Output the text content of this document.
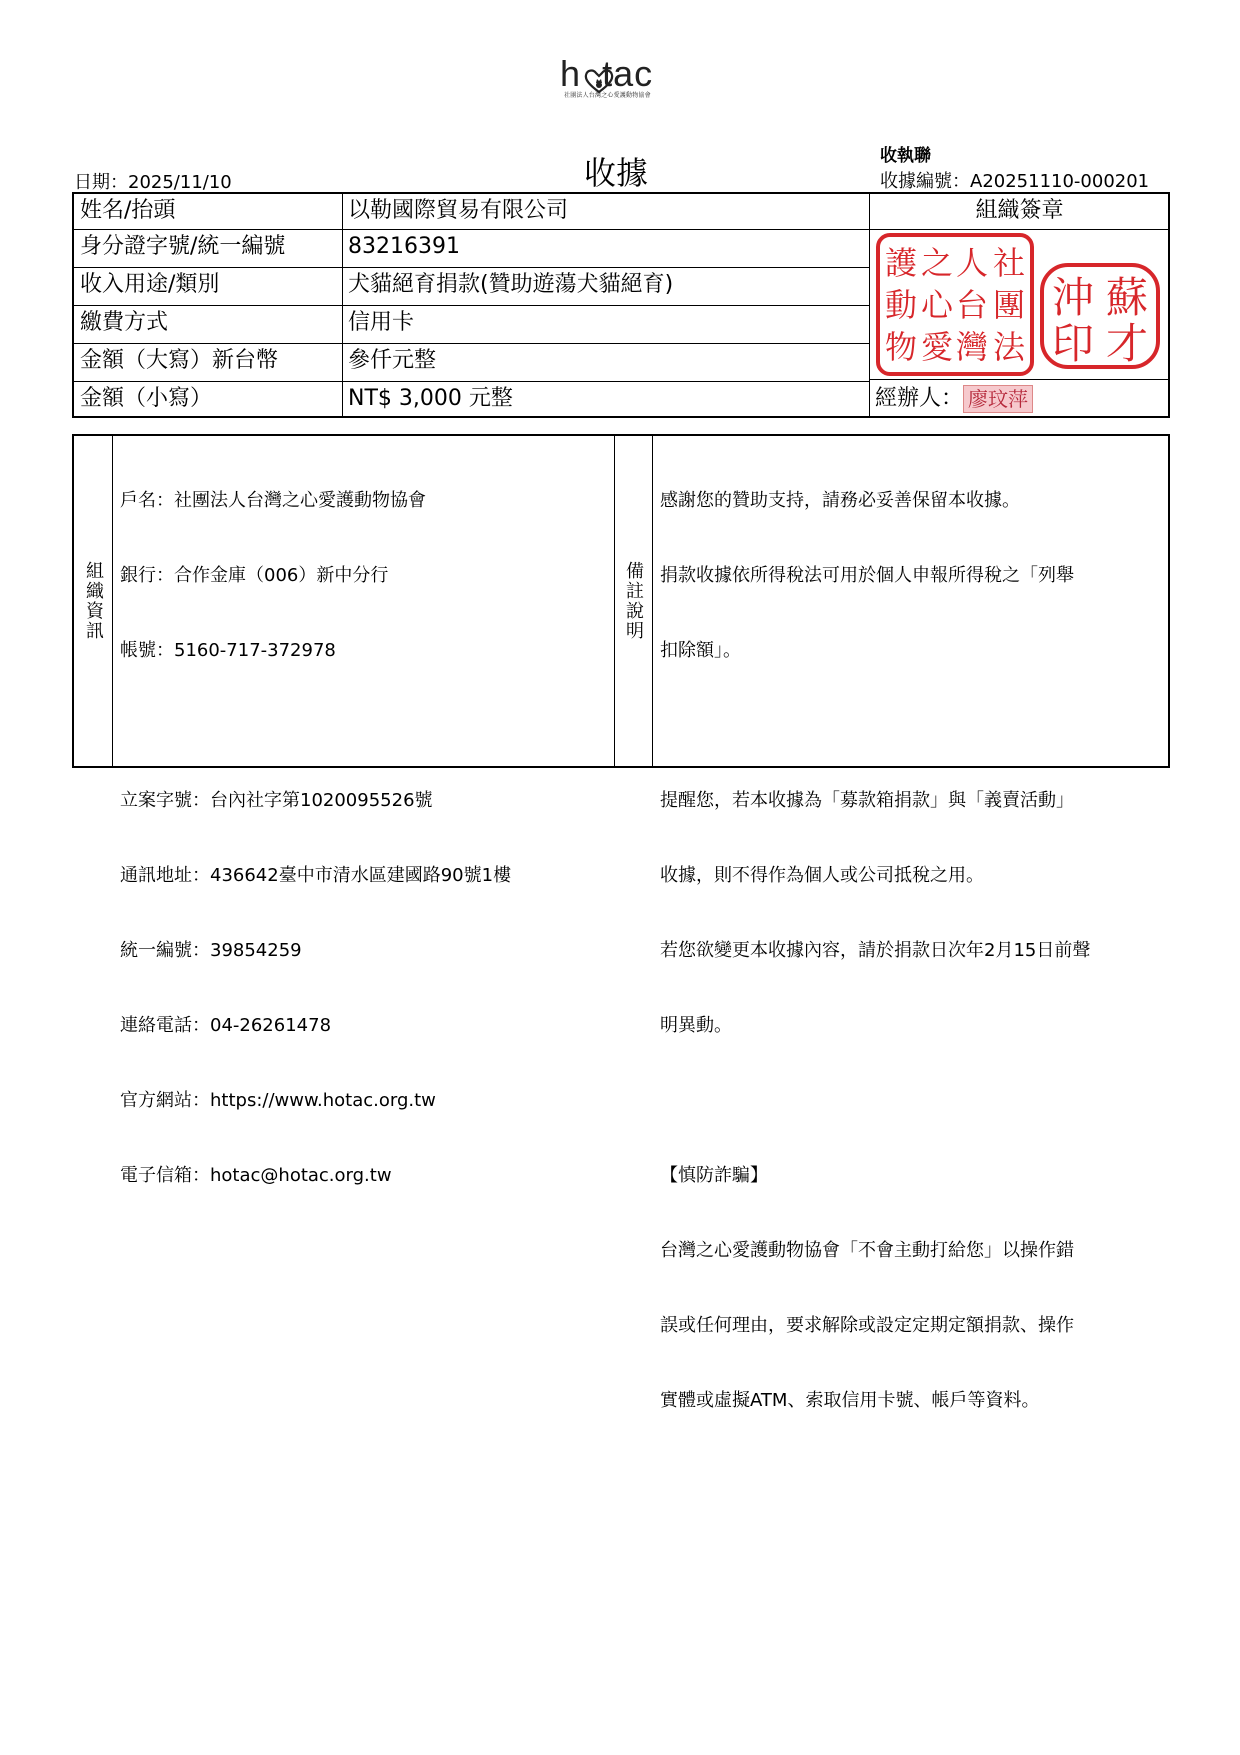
h tac
社團法人台灣之心愛護動物協會
日期：2025/11/10	收據	收執聯
收據編號：A20251110-000201
姓名/抬頭	以勒國際貿易有限公司
身分證字號/統一編號	83216391
收入用途/類別	犬貓絕育捐款(贊助遊蕩犬貓絕育)
繳費方式	信用卡
金額（大寫）新台幣	參仟元整
金額（小寫）	NT$ 3,000 元整
組織簽章
社
團
法
人
台
灣
之
心
愛
護
動
物
蘇
才
沖
印
經辦人： 廖玟萍
組織資訊

戶名：社團法人台灣之心愛護動物協會

銀行：合作金庫（006）新中分行

帳號：5160-717-372978

立案字號：台內社字第1020095526號

通訊地址：436642臺中市清水區建國路90號1樓

統一編號：39854259

連絡電話：04-26261478

官方網站：https://www.hotac.org.tw

電子信箱：hotac@hotac.org.tw

備註說明

感謝您的贊助支持，請務必妥善保留本收據。

捐款收據依所得稅法可用於個人申報所得稅之「列舉

扣除額」。

提醒您，若本收據為「募款箱捐款」與「義賣活動」

收據，則不得作為個人或公司抵稅之用。

若您欲變更本收據內容，請於捐款日次年2月15日前聲

明異動。

【慎防詐騙】

台灣之心愛護動物協會「不會主動打給您」以操作錯

誤或任何理由，要求解除或設定定期定額捐款、操作

實體或虛擬ATM、索取信用卡號、帳戶等資料。
